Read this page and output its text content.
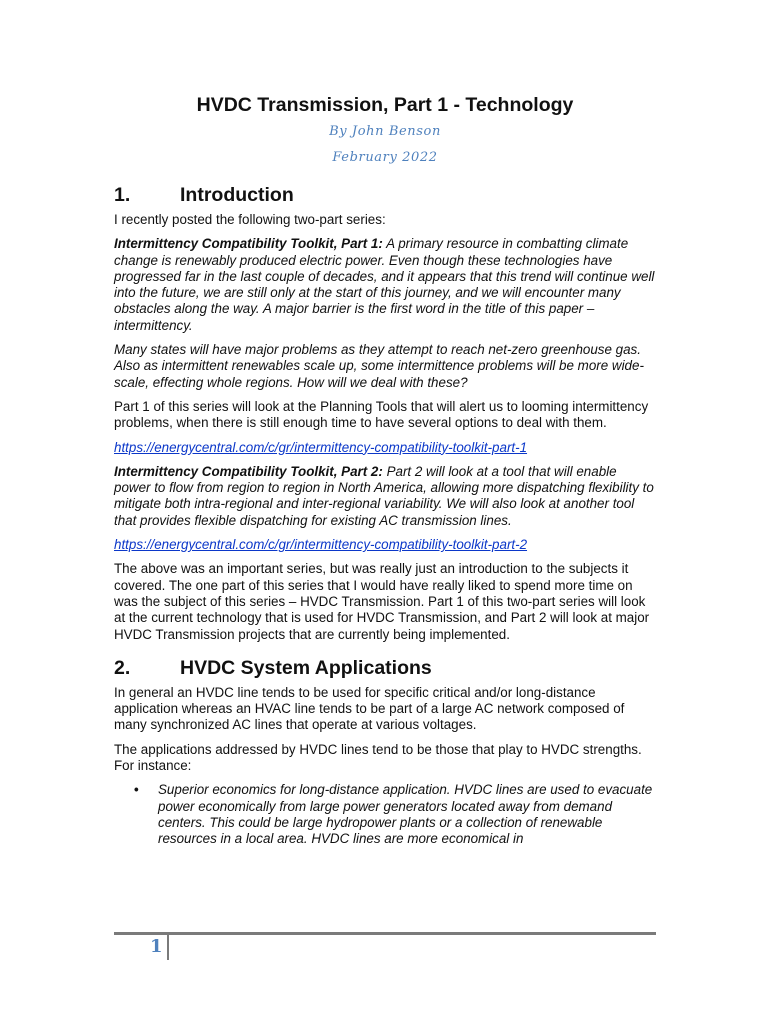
HVDC Transmission, Part 1 - Technology
By John Benson
February 2022
1.	Introduction

I recently posted the following two-part series:

Intermittency Compatibility Toolkit, Part 1: A primary resource in combatting climate change is renewably produced electric power. Even though these technologies have progressed far in the last couple of decades, and it appears that this trend will continue well into the future, we are still only at the start of this journey, and we will encounter many obstacles along the way. A major barrier is the first word in the title of this paper – intermittency.

Many states will have major problems as they attempt to reach net-zero greenhouse gas. Also as intermittent renewables scale up, some intermittence problems will be more wide-scale, effecting whole regions. How will we deal with these?

Part 1 of this series will look at the Planning Tools that will alert us to looming intermittency problems, when there is still enough time to have several options to deal with them.

https://energycentral.com/c/gr/intermittency-compatibility-toolkit-part-1

Intermittency Compatibility Toolkit, Part 2: Part 2 will look at a tool that will enable power to flow from region to region in North America, allowing more dispatching flexibility to mitigate both intra-regional and inter-regional variability. We will also look at another tool that provides flexible dispatching for existing AC transmission lines.

https://energycentral.com/c/gr/intermittency-compatibility-toolkit-part-2

The above was an important series, but was really just an introduction to the subjects it covered. The one part of this series that I would have really liked to spend more time on was the subject of this series – HVDC Transmission. Part 1 of this two-part series will look at the current technology that is used for HVDC Transmission, and Part 2 will look at major HVDC Transmission projects that are currently being implemented.

2.	HVDC System Applications

In general an HVDC line tends to be used for specific critical and/or long-distance application whereas an HVAC line tends to be part of a large AC network composed of many synchronized AC lines that operate at various voltages.

The applications addressed by HVDC lines tend to be those that play to HVDC strengths. For instance:

• Superior economics for long-distance application. HVDC lines are used to evacuate power economically from large power generators located away from demand centers. This could be large hydropower plants or a collection of renewable resources in a local area. HVDC lines are more economical in
1
